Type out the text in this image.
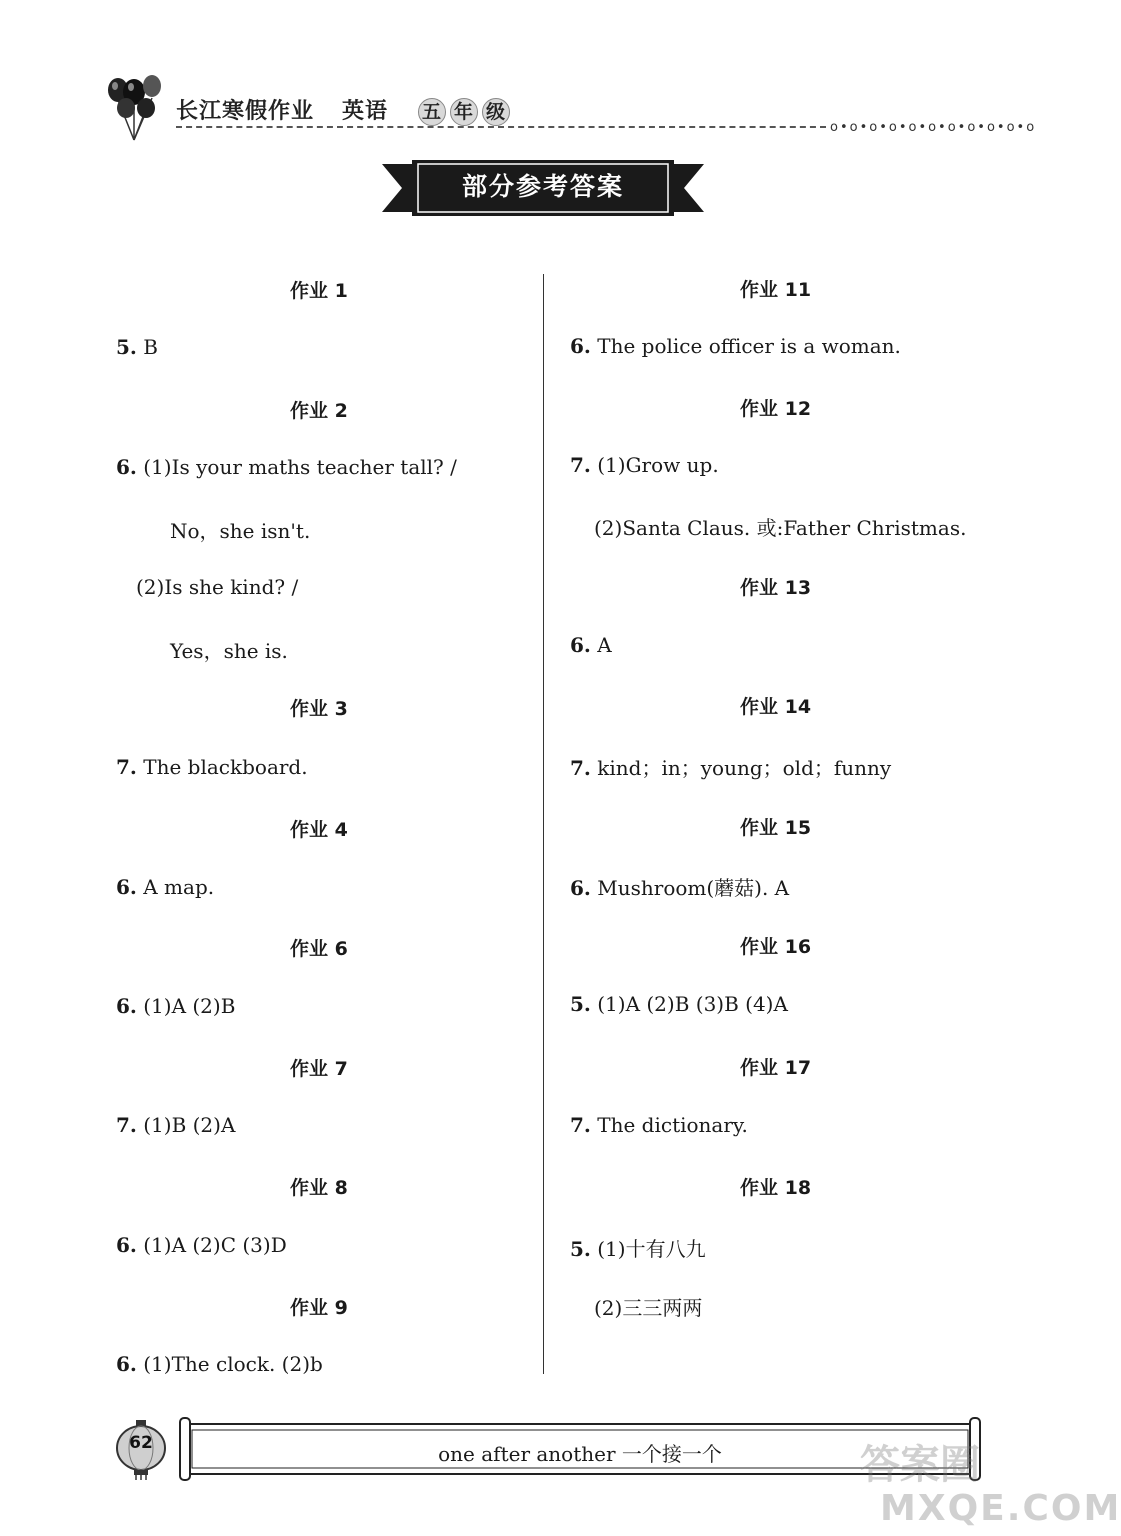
长江寒假作业 英语 五 年 级
o•o•o•o•o•o•o•o•o•o•o
部分参考答案
作业 1
5. B
作业 2
6. (1)Is your maths teacher tall? /
No，she isn't.
(2)Is she kind? /
Yes，she is.
作业 3
7. The blackboard.
作业 4
6. A map.
作业 6
6. (1)A (2)B
作业 7
7. (1)B (2)A
作业 8
6. (1)A (2)C (3)D
作业 9
6. (1)The clock. (2)b
作业 11
6. The police officer is a woman.
作业 12
7. (1)Grow up.
(2)Santa Claus. 或:Father Christmas.
作业 13
6. A
作业 14
7. kind；in；young；old；funny
作业 15
6. Mushroom(蘑菇). A
作业 16
5. (1)A (2)B (3)B (4)A
作业 17
7. The dictionary.
作业 18
5. (1)十有八九
(2)三三两两
62	one after another 一个接一个	答案圈
MXQE.COM
